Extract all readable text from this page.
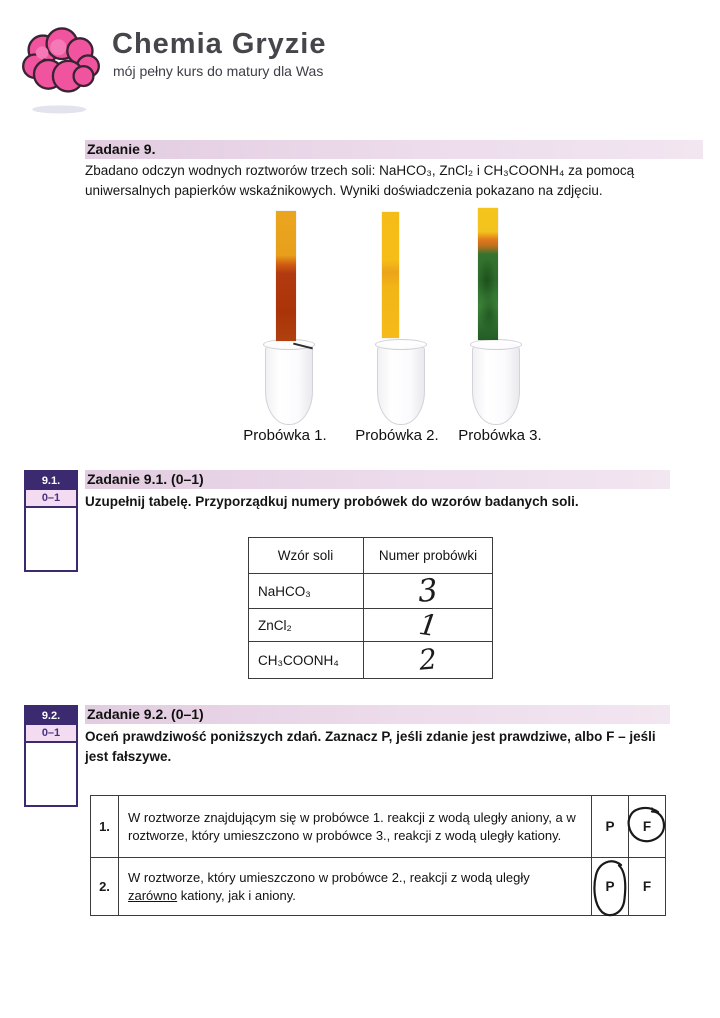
Chemia Gryzie
mój pełny kurs do matury dla Was
Zadanie 9.
Zbadano odczyn wodnych roztworów trzech soli: NaHCO₃, ZnCl₂ i CH₃COONH₄ za pomocą uniwersalnych papierków wskaźnikowych. Wyniki doświadczenia pokazano na zdjęciu.
Probówka 1.	Probówka 2.	Probówka 3.
9.1.
0–1
Zadanie 9.1. (0–1)
Uzupełnij tabelę. Przyporządkuj numery probówek do wzorów badanych soli.
Wzór soli	Numer probówki
NaHCO₃	3
ZnCl₂	1
CH₃COONH₄	2
9.2.
0–1
Zadanie 9.2. (0–1)
Oceń prawdziwość poniższych zdań. Zaznacz P, jeśli zdanie jest prawdziwe, albo F – jeśli jest fałszywe.
1.	W roztworze znajdującym się w probówce 1. reakcji z wodą uległy aniony, a w roztworze, który umieszczono w probówce 3., reakcji z wodą uległy kationy.	P	F
2.	W roztworze, który umieszczono w probówce 2., reakcji z wodą uległy zarówno kationy, jak i aniony.	P	F
